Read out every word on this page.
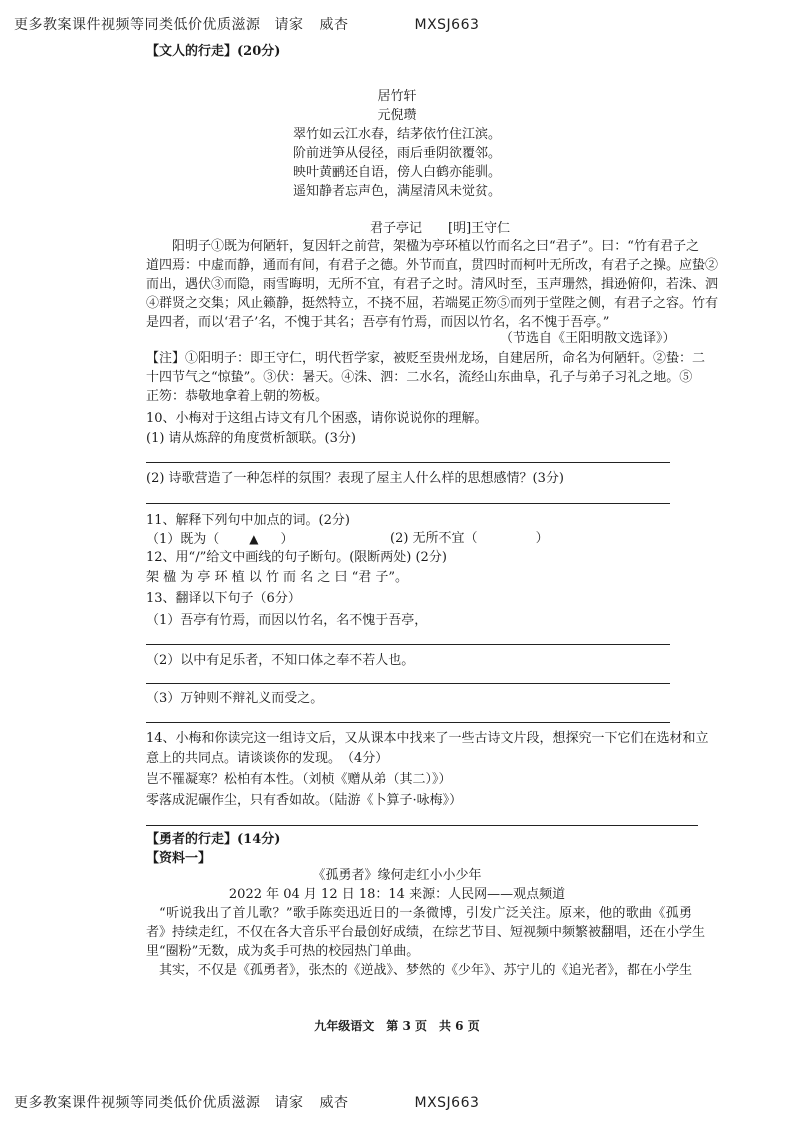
更多教案课件视频等同类低价优质滋源 请家 威杏	MXSJ663
【文人的行走】(20分)
居竹轩
元倪瓒
翠竹如云江水春，结茅依竹住江滨。
阶前迸笋从侵径，雨后垂阴欲覆邻。
映叶黄鹂还自语，傍人白鹤亦能驯。
遥知静者忘声色，满屋清风未觉贫。
君子亭记　　[明]王守仁
阳明子①既为何陋轩，复因轩之前营，架楹为亭环植以竹而名之曰“君子”。曰：“竹有君子之
道四焉：中虚而静，通而有间，有君子之德。外节而直，贯四时而柯叶无所改，有君子之操。应蛰②
而出，遇伏③而隐，雨雪晦明，无所不宜，有君子之时。清风时至，玉声珊然，揖逊俯仰，若洙、泗
④群贤之交集；风止籁静，挺然特立，不挠不屈，若端冕正笏⑤而列于堂陛之侧，有君子之容。竹有
是四者，而以‘君子’名，不愧于其名；吾亭有竹焉，而因以竹名，名不愧于吾亭。”
（节选自《王阳明散文选译》）
【注】①阳明子：即王守仁，明代哲学家，被贬至贵州龙场，自建居所，命名为何陋轩。②蛰：二
十四节气之“惊蛰”。③伏：暑天。④洙、泗：二水名，流经山东曲阜，孔子与弟子习礼之地。⑤
正笏：恭敬地拿着上朝的笏板。
10、小梅对于这组占诗文有几个困惑，请你说说你的理解。
(1) 请从炼辞的角度赏析颔联。(3分)
(2) 诗歌营造了一种怎样的氛围？表现了屋主人什么样的思想感情？(3分)
11、解释下列句中加点的词。(2分)
（1）既为（	▲ ）	(2) 无所不宜（	）
12、用“/”给文中画线的句子断句。(限断两处) (2分)
架 楹 为 亭 环 植 以 竹 而 名 之 曰 “君 子”。
13、翻译以下句子（6分）
（1）吾亭有竹焉，而因以竹名，名不愧于吾亭，
（2）以中有足乐者，不知口体之奉不若人也。
（3）万钟则不辩礼义而受之。
14、小梅和你读完这一组诗文后，又从课本中找来了一些古诗文片段，想探究一下它们在选材和立
意上的共同点。请谈谈你的发现。　（4分）
岂不罹凝寒？松柏有本性。（刘桢《赠从弟（其二）》）
零落成泥碾作尘，只有香如故。（陆游《卜算子·咏梅》）
【勇者的行走】(14分)
【资料一】
《孤勇者》缘何走红小小少年
2022 年 04 月 12 日 18：14 来源：人民网——观点频道
“听说我出了首儿歌？”歌手陈奕迅近日的一条微博，引发广泛关注。原来，他的歌曲《孤勇
者》持续走红，不仅在各大音乐平台最创好成绩，在综艺节目、短视频中频繁被翻唱，还在小学生
里“圈粉”无数，成为炙手可热的校园热门单曲。
其实，不仅是《孤勇者》，张杰的《逆战》、梦然的《少年》、苏宁儿的《追光者》，都在小学生
九年级语文　第 3 页　共 6 页
更多教案课件视频等同类低价优质滋源 请家 威杏	MXSJ663
